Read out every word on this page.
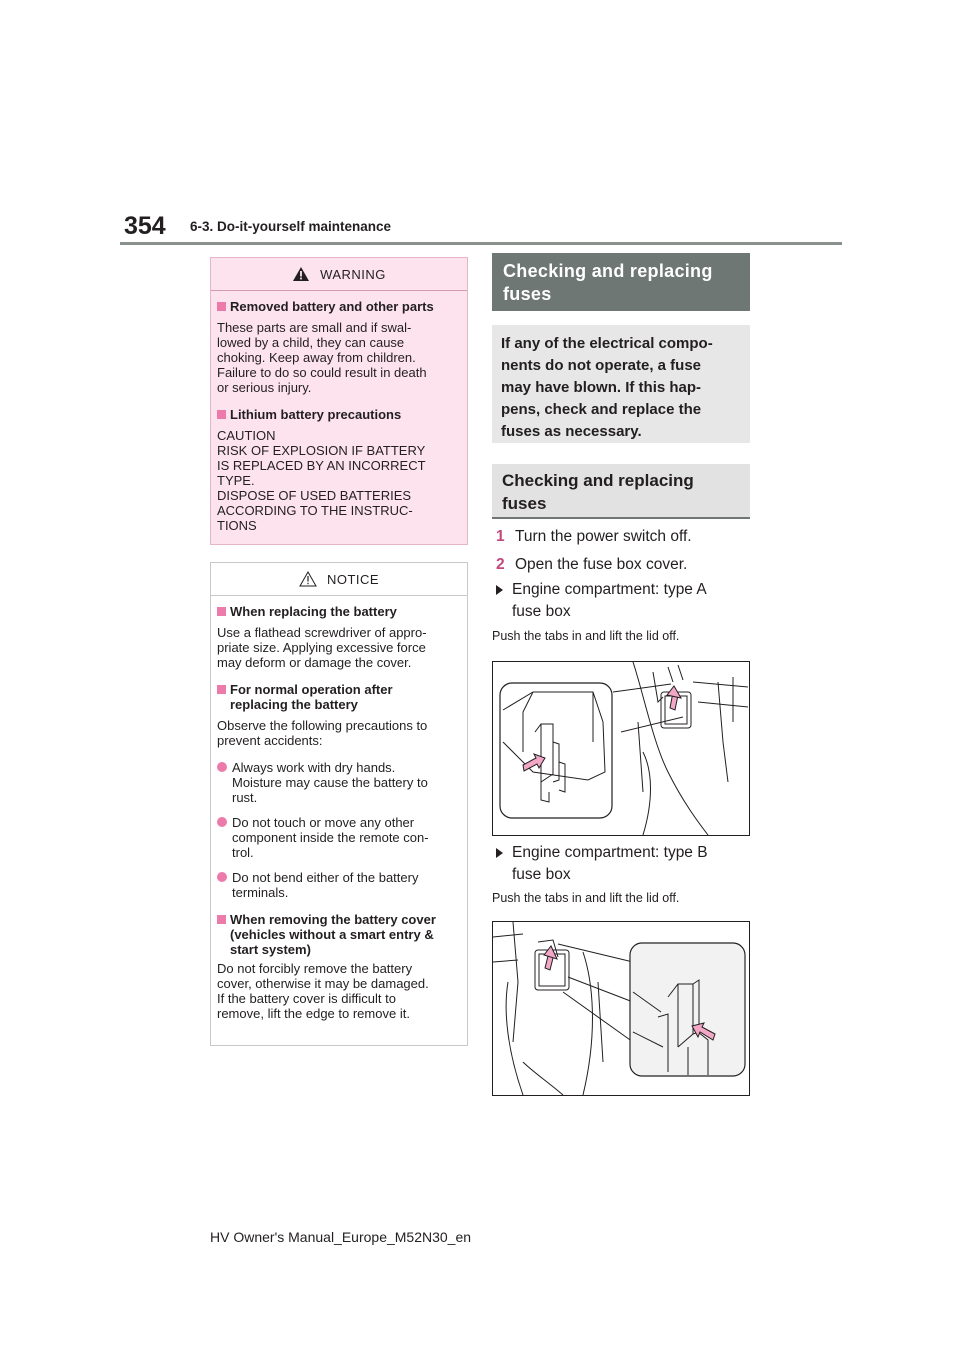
354 6-3. Do-it-yourself maintenance
WARNING
Removed battery and other parts
These parts are small and if swal-
lowed by a child, they can cause
choking. Keep away from children.
Failure to do so could result in death
or serious injury.
Lithium battery precautions
CAUTION
RISK OF EXPLOSION IF BATTERY
IS REPLACED BY AN INCORRECT
TYPE.
DISPOSE OF USED BATTERIES
ACCORDING TO THE INSTRUC-
TIONS
NOTICE
When replacing the battery
Use a flathead screwdriver of appro-
priate size. Applying excessive force
may deform or damage the cover.
For normal operation after
replacing the battery
Observe the following precautions to
prevent accidents:
Always work with dry hands.
Moisture may cause the battery to
rust.
Do not touch or move any other
component inside the remote con-
trol.
Do not bend either of the battery
terminals.
When removing the battery cover
(vehicles without a smart entry &
start system)
Do not forcibly remove the battery
cover, otherwise it may be damaged.
If the battery cover is difficult to
remove, lift the edge to remove it.
Checking and replacing
fuses
If any of the electrical compo-
nents do not operate, a fuse
may have blown. If this hap-
pens, check and replace the
fuses as necessary.
Checking and replacing
fuses
1 Turn the power switch off.
2 Open the fuse box cover.
Engine compartment: type A
fuse box
Push the tabs in and lift the lid off.
Engine compartment: type B
fuse box
Push the tabs in and lift the lid off.
HV Owner's Manual_Europe_M52N30_en
